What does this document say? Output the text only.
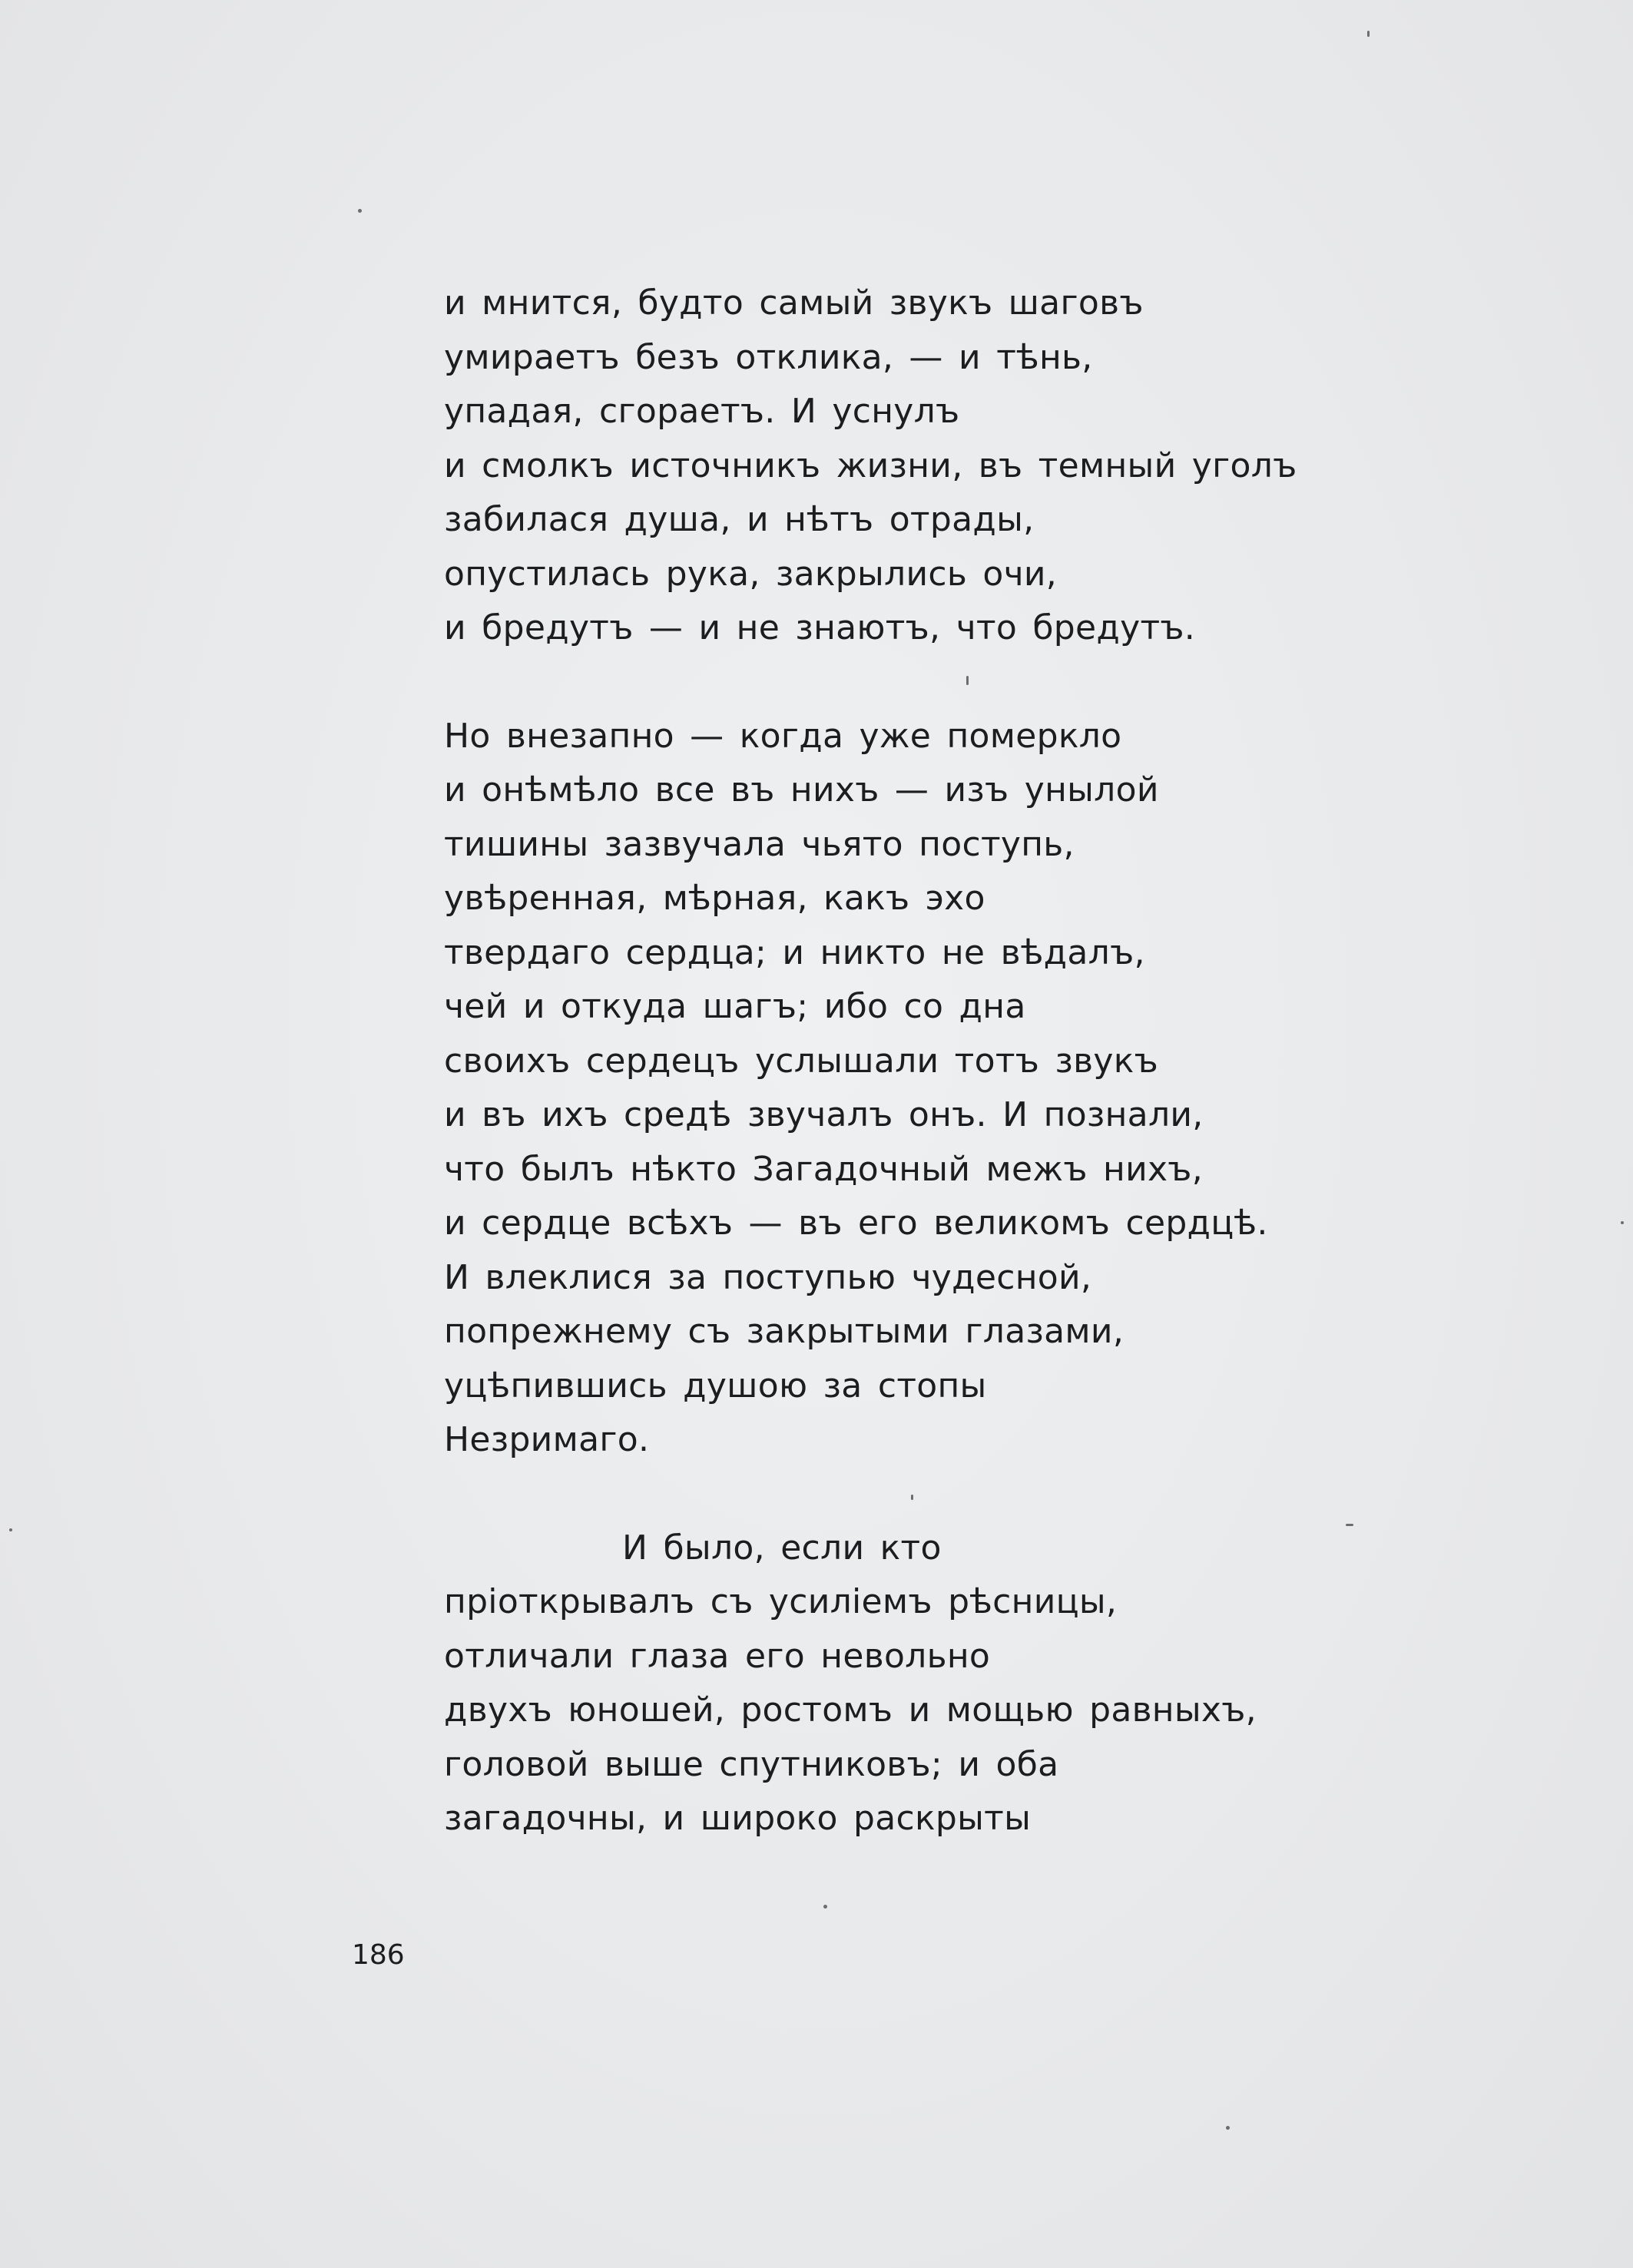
и мнится, будто самый звукъ шаговъ
умираетъ безъ отклика, — и тѣнь,
упадая, сгораетъ. И уснулъ
и смолкъ источникъ жизни, въ темный уголъ
забилася душа, и нѣтъ отрады,
опустилась рука, закрылись очи,
и бредутъ — и не знаютъ, что бредутъ.
Но внезапно — когда уже померкло
и онѣмѣло все въ нихъ — изъ унылой
тишины зазвучала чьято поступь,
увѣренная, мѣрная, какъ эхо
твердаго сердца; и никто не вѣдалъ,
чей и откуда шагъ; ибо со дна
своихъ сердецъ услышали тотъ звукъ
и въ ихъ средѣ звучалъ онъ. И познали,
что былъ нѣкто Загадочный межъ нихъ,
и сердце всѣхъ — въ его великомъ сердцѣ.
И влеклися за поступью чудесной,
попрежнему съ закрытыми глазами,
уцѣпившись душою за стопы
Незримаго.
И было, если кто
пріоткрывалъ съ усиліемъ рѣсницы,
отличали глаза его невольно
двухъ юношей, ростомъ и мощью равныхъ,
головой выше спутниковъ; и оба
загадочны, и широко раскрыты
186
